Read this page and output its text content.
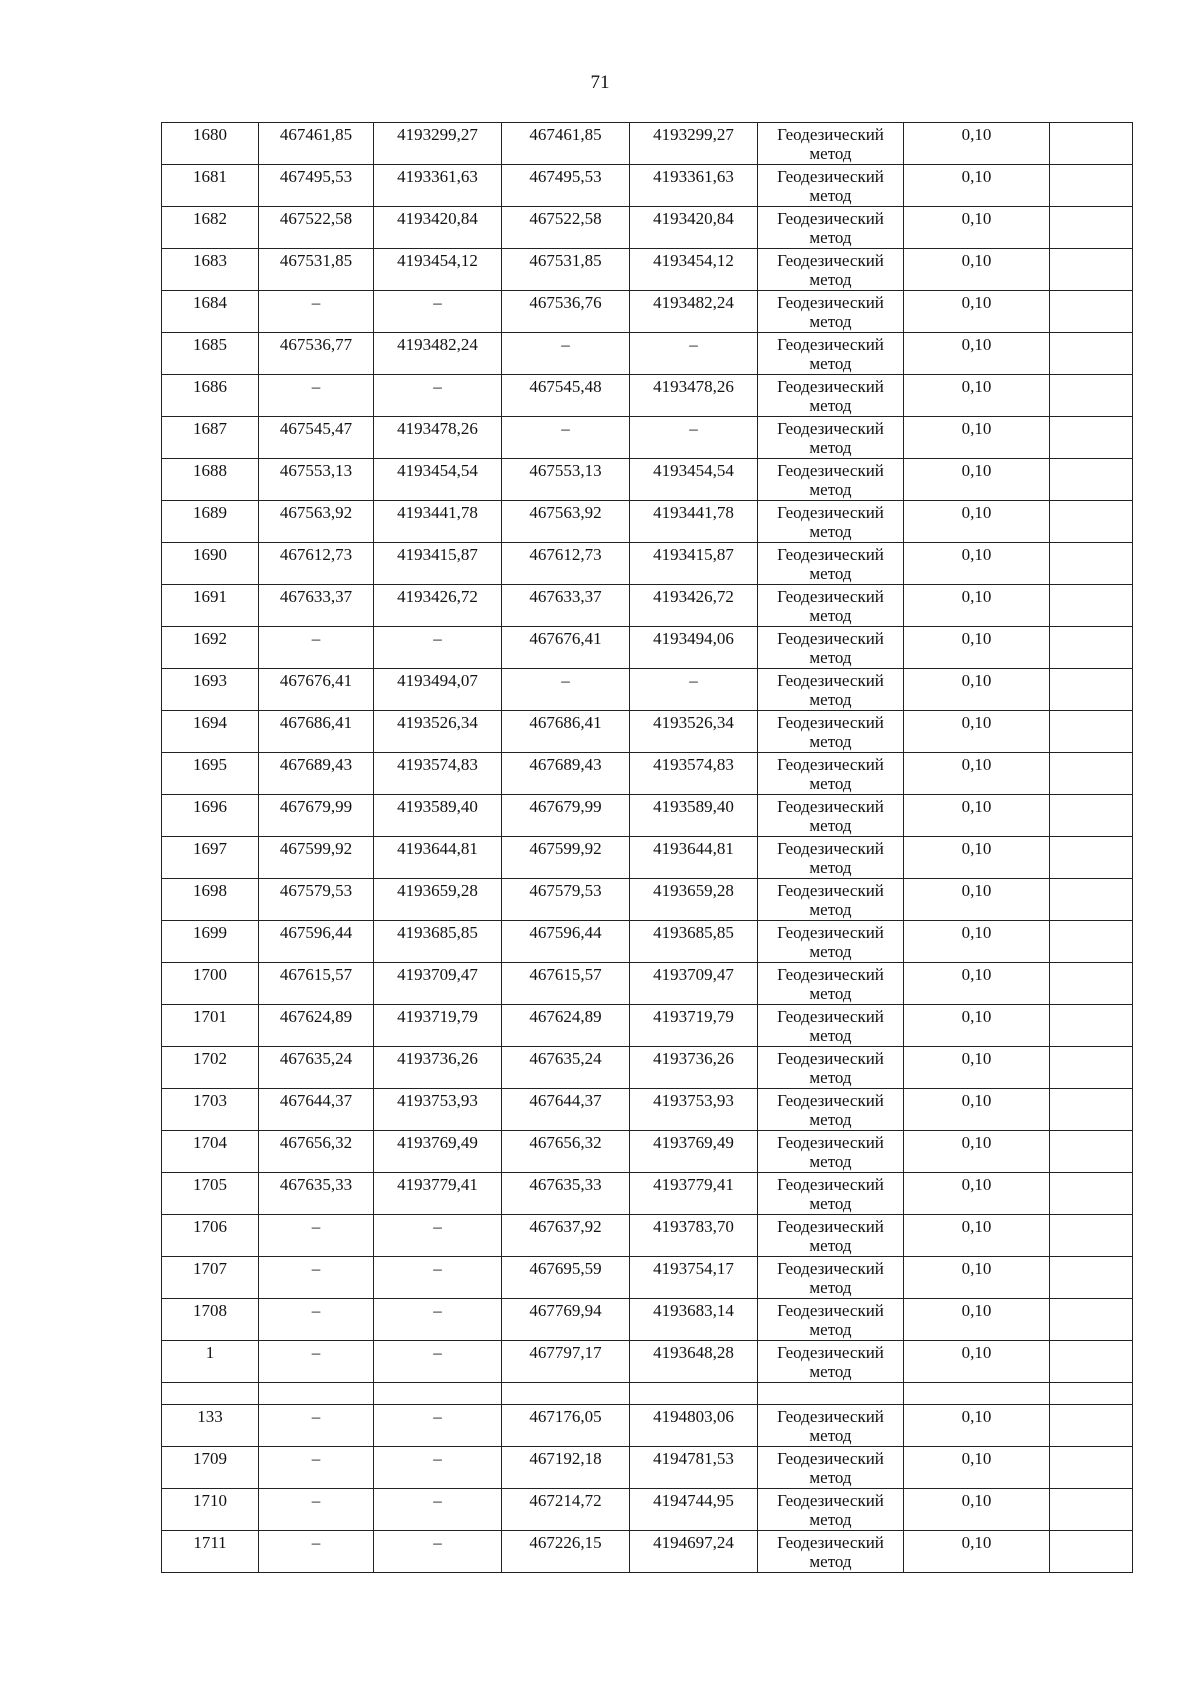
71
1680	467461,85	4193299,27	467461,85	4193299,27	Геодезический метод	0,10	
1681	467495,53	4193361,63	467495,53	4193361,63	Геодезический метод	0,10	
1682	467522,58	4193420,84	467522,58	4193420,84	Геодезический метод	0,10	
1683	467531,85	4193454,12	467531,85	4193454,12	Геодезический метод	0,10	
1684	–	–	467536,76	4193482,24	Геодезический метод	0,10	
1685	467536,77	4193482,24	–	–	Геодезический метод	0,10	
1686	–	–	467545,48	4193478,26	Геодезический метод	0,10	
1687	467545,47	4193478,26	–	–	Геодезический метод	0,10	
1688	467553,13	4193454,54	467553,13	4193454,54	Геодезический метод	0,10	
1689	467563,92	4193441,78	467563,92	4193441,78	Геодезический метод	0,10	
1690	467612,73	4193415,87	467612,73	4193415,87	Геодезический метод	0,10	
1691	467633,37	4193426,72	467633,37	4193426,72	Геодезический метод	0,10	
1692	–	–	467676,41	4193494,06	Геодезический метод	0,10	
1693	467676,41	4193494,07	–	–	Геодезический метод	0,10	
1694	467686,41	4193526,34	467686,41	4193526,34	Геодезический метод	0,10	
1695	467689,43	4193574,83	467689,43	4193574,83	Геодезический метод	0,10	
1696	467679,99	4193589,40	467679,99	4193589,40	Геодезический метод	0,10	
1697	467599,92	4193644,81	467599,92	4193644,81	Геодезический метод	0,10	
1698	467579,53	4193659,28	467579,53	4193659,28	Геодезический метод	0,10	
1699	467596,44	4193685,85	467596,44	4193685,85	Геодезический метод	0,10	
1700	467615,57	4193709,47	467615,57	4193709,47	Геодезический метод	0,10	
1701	467624,89	4193719,79	467624,89	4193719,79	Геодезический метод	0,10	
1702	467635,24	4193736,26	467635,24	4193736,26	Геодезический метод	0,10	
1703	467644,37	4193753,93	467644,37	4193753,93	Геодезический метод	0,10	
1704	467656,32	4193769,49	467656,32	4193769,49	Геодезический метод	0,10	
1705	467635,33	4193779,41	467635,33	4193779,41	Геодезический метод	0,10	
1706	–	–	467637,92	4193783,70	Геодезический метод	0,10	
1707	–	–	467695,59	4193754,17	Геодезический метод	0,10	
1708	–	–	467769,94	4193683,14	Геодезический метод	0,10	
1	–	–	467797,17	4193648,28	Геодезический метод	0,10	

133	–	–	467176,05	4194803,06	Геодезический метод	0,10	
1709	–	–	467192,18	4194781,53	Геодезический метод	0,10	
1710	–	–	467214,72	4194744,95	Геодезический метод	0,10	
1711	–	–	467226,15	4194697,24	Геодезический метод	0,10	
